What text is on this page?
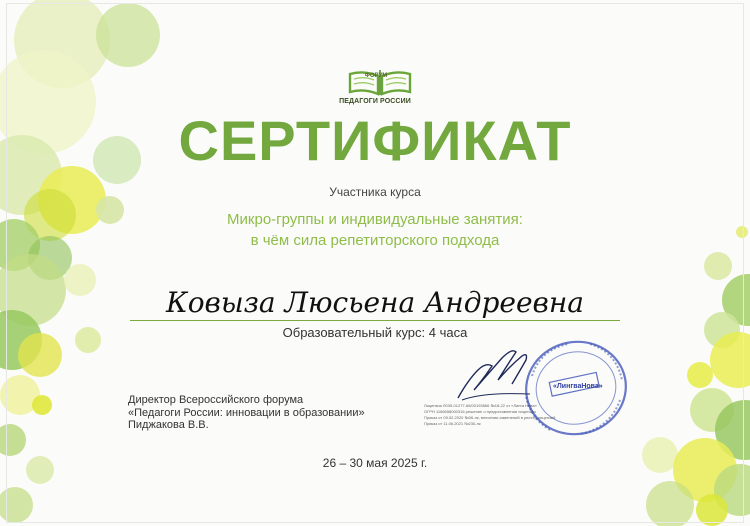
ФОРУМ
ПЕДАГОГИ РОССИИ
СЕРТИФИКАТ
Участника курса
Микро-группы и индивидуальные занятия:
в чём сила репетиторского подхода
Ковыза Люсьена Андреевна
Образовательный курс: 4 часа
Директор Всероссийского форума
«Педагоги России: инновации в образовании»
Пиджакова В.В.
Лицензия Л035-01277-66/00193866 №18-22 от «Линга Нова»
ОГРН 1166658000316 решение о предоставлении лицензии
Приказ от 09.02.2020 №06-лк, внесении изменений в реестр лицензий
Приказ от 11.06.2021 №230-лк
«ЛингваНова»
26 – 30 мая 2025 г.
